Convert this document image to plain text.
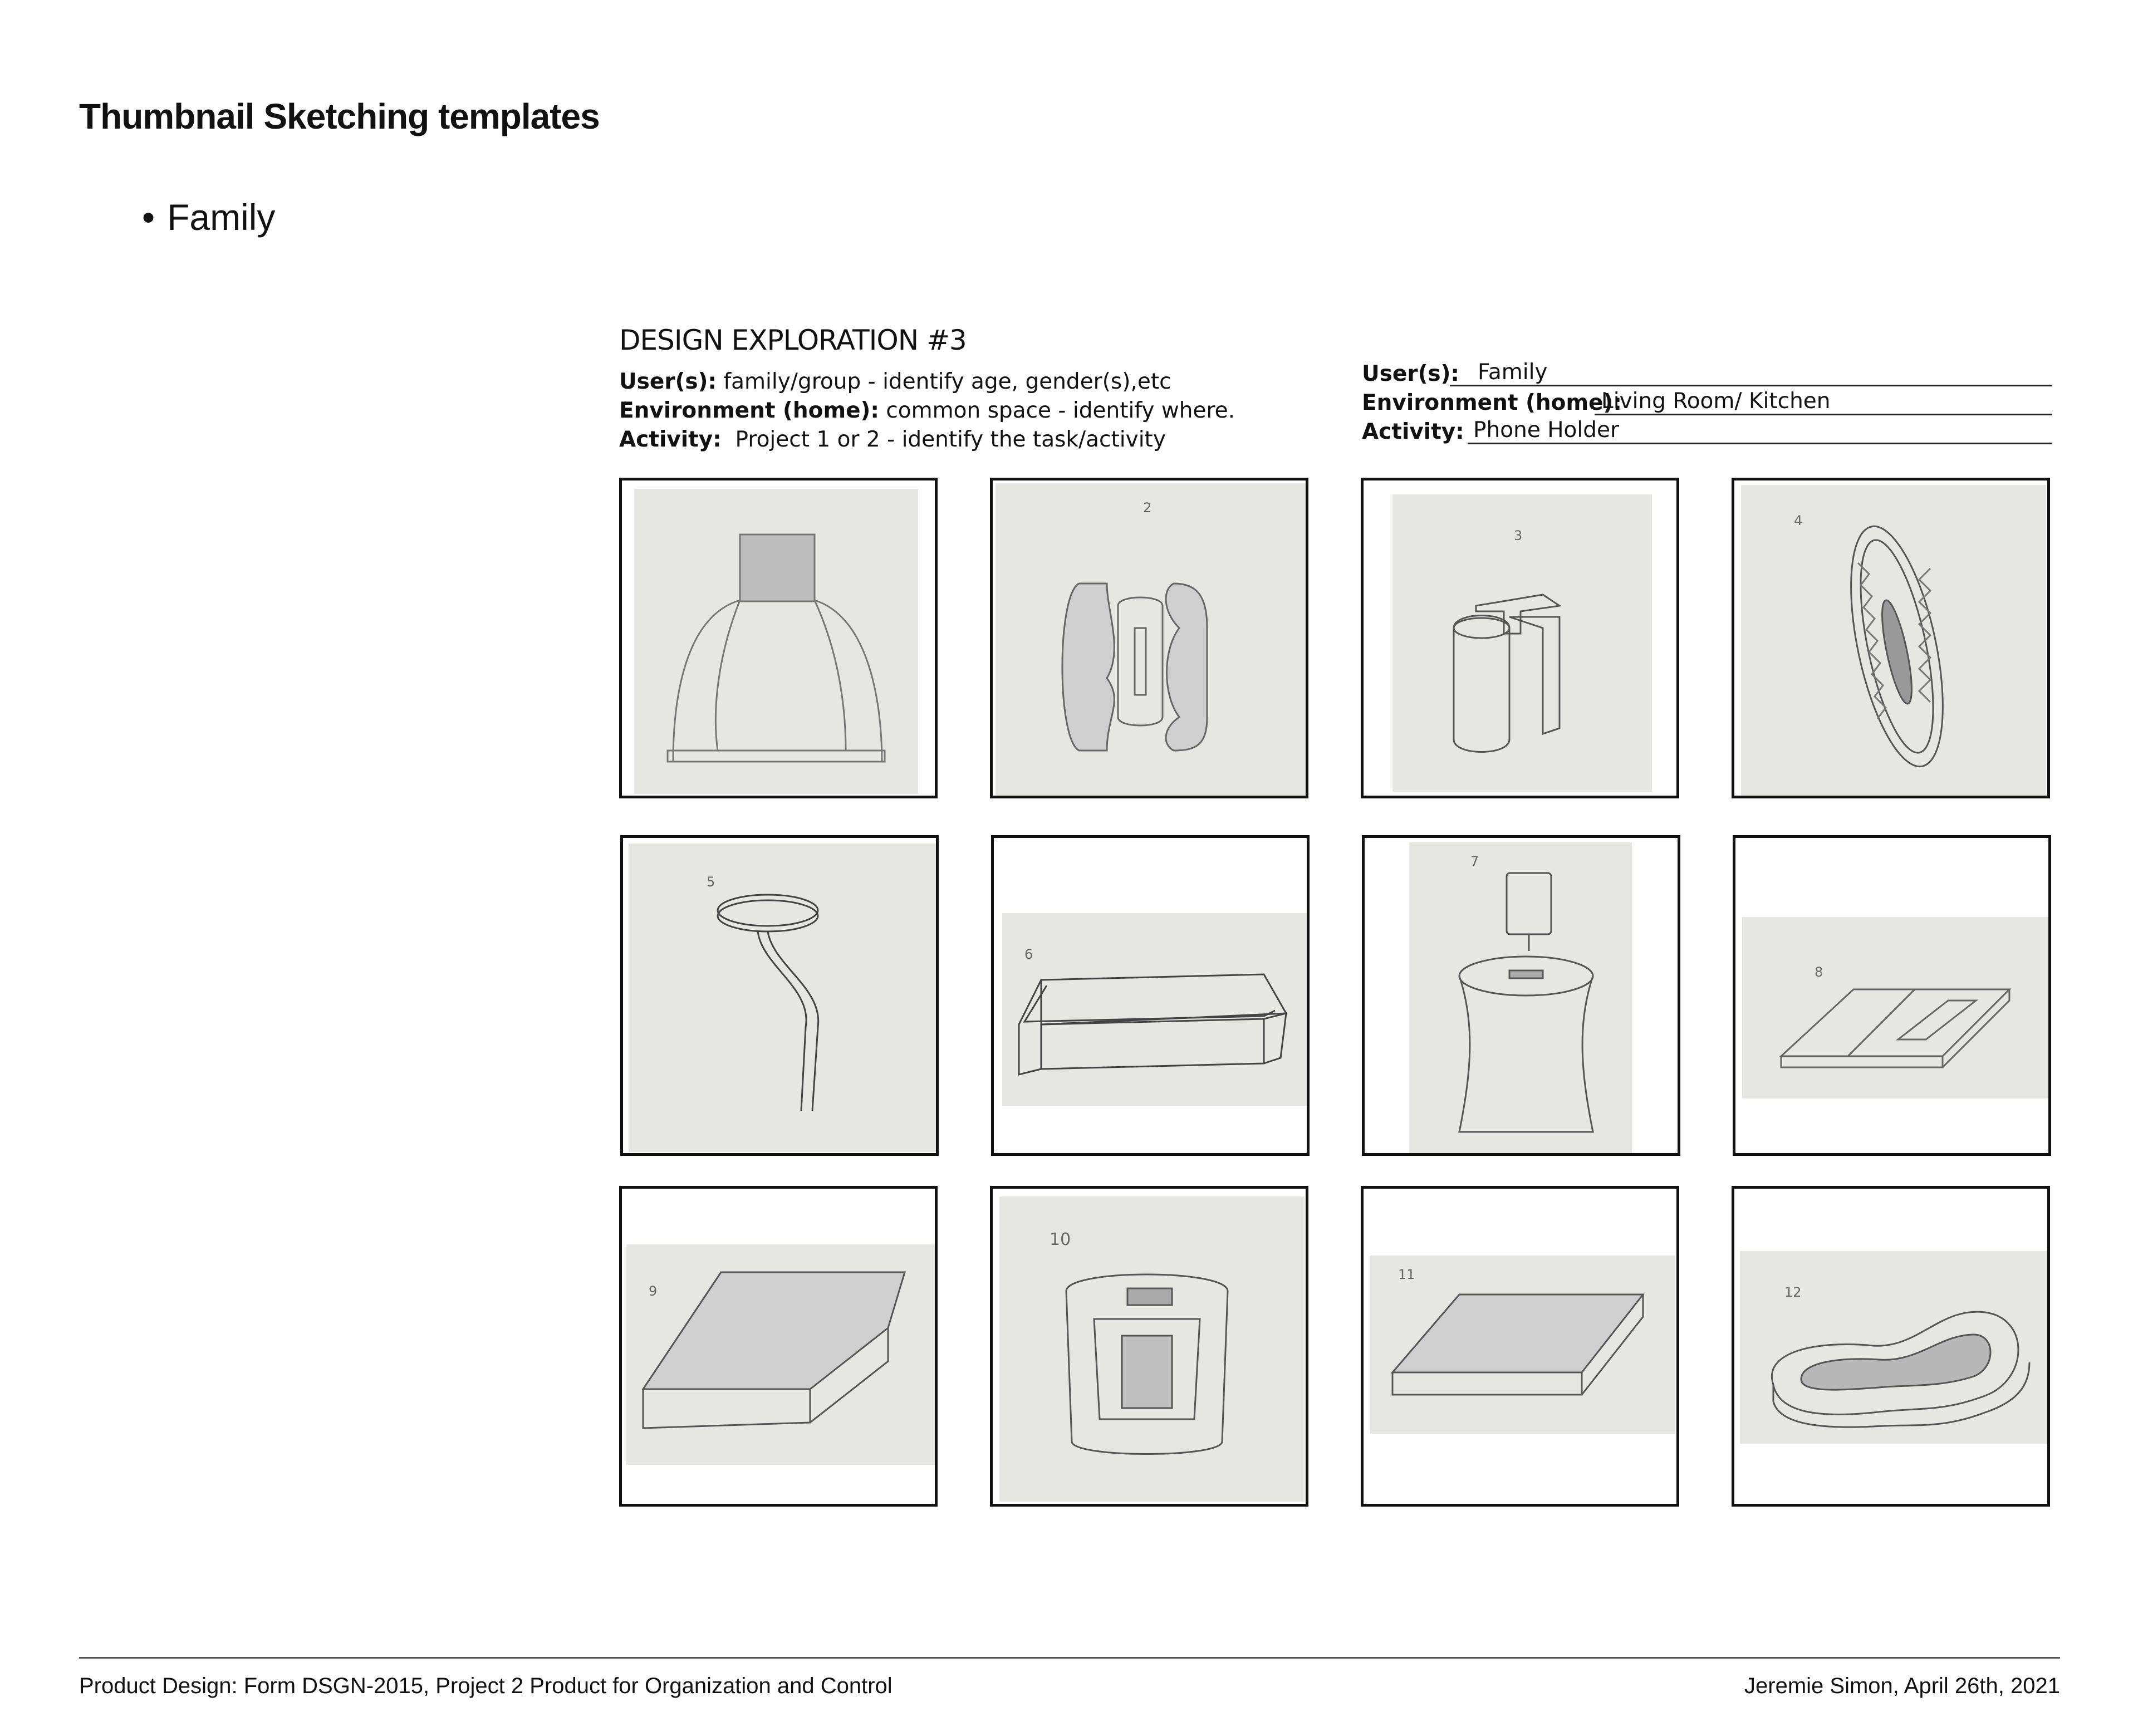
Thumbnail Sketching templates
• Family
DESIGN EXPLORATION #3
User(s): family/group - identify age, gender(s),etc
Environment (home): common space - identify where.
Activity:  Project 1 or 2 - identify the task/activity
User(s): Family
Environment (home):
Living Room/ Kitchen
Activity: Phone Holder
2
3
4
5
6
7
8
9
10
11
12
Product Design: Form DSGN-2015, Project 2 Product for Organization and Control	Jeremie Simon, April 26th, 2021
